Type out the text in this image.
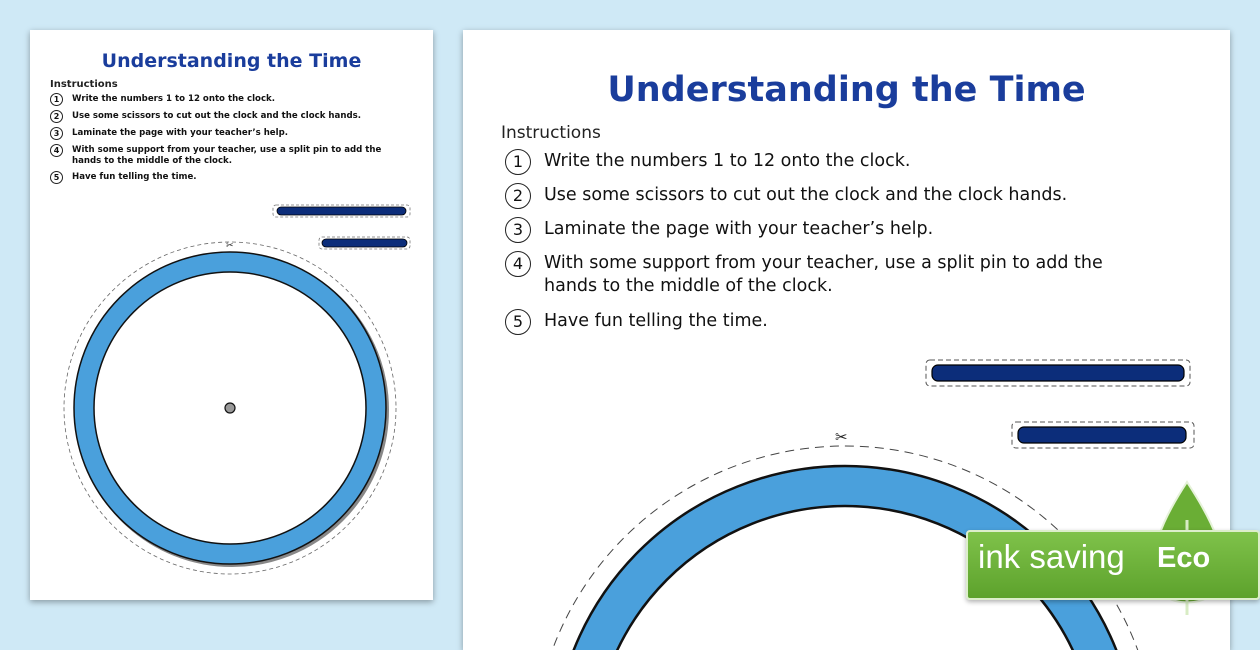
Understanding the Time
Instructions
1	Write the numbers 1 to 12 onto the clock.
2	Use some scissors to cut out the clock and the clock hands.
3	Laminate the page with your teacher’s help.
4	With some support from your teacher, use a split pin to add the
hands to the middle of the clock.
5	Have fun telling the time.
✂
Understanding the Time
Instructions
1	Write the numbers 1 to 12 onto the clock.
2	Use some scissors to cut out the clock and the clock hands.
3	Laminate the page with your teacher’s help.
4	With some support from your teacher, use a split pin to add the
hands to the middle of the clock.
5	Have fun telling the time.
✂
ink saving Eco
